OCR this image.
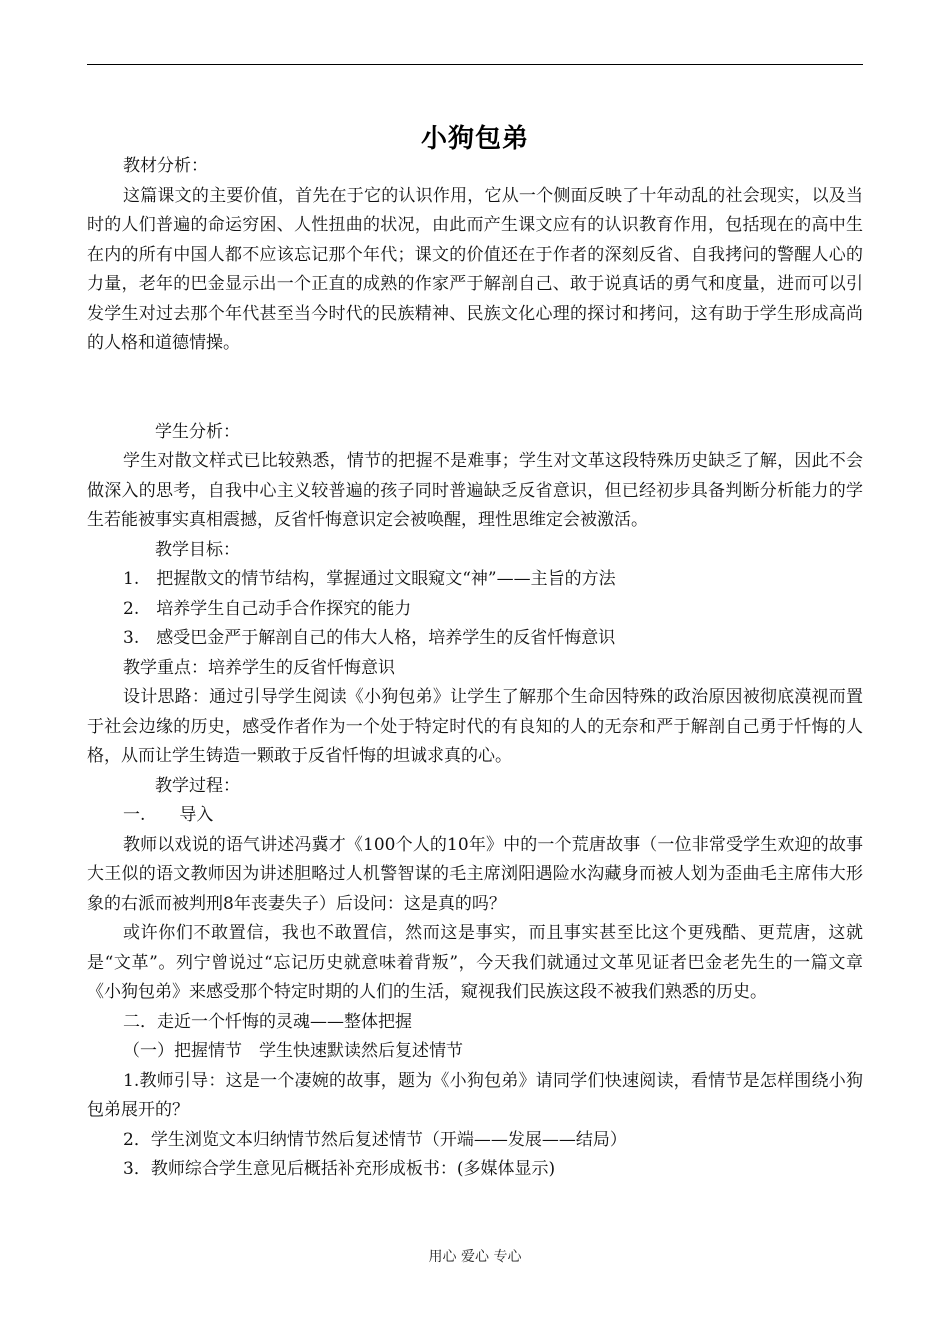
小狗包弟

教材分析：

这篇课文的主要价值，首先在于它的认识作用，它从一个侧面反映了十年动乱的社会现实，以及当时的人们普遍的命运穷困、人性扭曲的状况，由此而产生课文应有的认识教育作用，包括现在的高中生在内的所有中国人都不应该忘记那个年代；课文的价值还在于作者的深刻反省、自我拷问的警醒人心的力量，老年的巴金显示出一个正直的成熟的作家严于解剖自己、敢于说真话的勇气和度量，进而可以引发学生对过去那个年代甚至当今时代的民族精神、民族文化心理的探讨和拷问，这有助于学生形成高尚的人格和道德情操。

学生分析：

学生对散文样式已比较熟悉，情节的把握不是难事；学生对文革这段特殊历史缺乏了解，因此不会做深入的思考，自我中心主义较普遍的孩子同时普遍缺乏反省意识，但已经初步具备判断分析能力的学生若能被事实真相震撼，反省忏悔意识定会被唤醒，理性思维定会被激活。

教学目标：

1.　把握散文的情节结构，掌握通过文眼窥文“神”——主旨的方法

2.　培养学生自己动手合作探究的能力

3.　感受巴金严于解剖自己的伟大人格，培养学生的反省忏悔意识

教学重点：培养学生的反省忏悔意识

设计思路：通过引导学生阅读《小狗包弟》让学生了解那个生命因特殊的政治原因被彻底漠视而置于社会边缘的历史，感受作者作为一个处于特定时代的有良知的人的无奈和严于解剖自己勇于忏悔的人格，从而让学生铸造一颗敢于反省忏悔的坦诚求真的心。

教学过程：

一.　　导入

教师以戏说的语气讲述冯冀才《100个人的10年》中的一个荒唐故事（一位非常受学生欢迎的故事大王似的语文教师因为讲述胆略过人机警智谋的毛主席浏阳遇险水沟藏身而被人划为歪曲毛主席伟大形象的右派而被判刑8年丧妻失子）后设问：这是真的吗？

或许你们不敢置信，我也不敢置信，然而这是事实，而且事实甚至比这个更残酷、更荒唐，这就是“文革”。列宁曾说过“忘记历史就意味着背叛”，今天我们就通过文革见证者巴金老先生的一篇文章《小狗包弟》来感受那个特定时期的人们的生活，窥视我们民族这段不被我们熟悉的历史。

二．走近一个忏悔的灵魂——整体把握

（一）把握情节　学生快速默读然后复述情节

1.教师引导：这是一个凄婉的故事，题为《小狗包弟》请同学们快速阅读，看情节是怎样围绕小狗包弟展开的？

2．学生浏览文本归纳情节然后复述情节（开端——发展——结局）

3．教师综合学生意见后概括补充形成板书：(多媒体显示)

用心 爱心 专心
